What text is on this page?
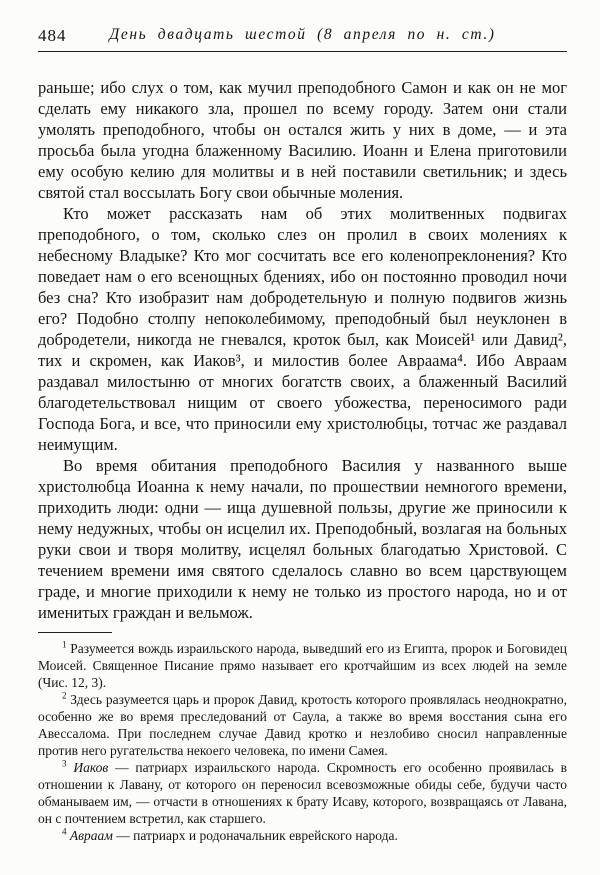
484	День двадцать шестой (8 апреля по н. ст.)

раньше; ибо слух о том, как мучил преподобного Самон и как он не мог сделать ему никакого зла, прошел по всему городу. Затем они стали умолять преподобного, чтобы он остался жить у них в доме, — и эта просьба была угодна блаженному Василию. Иоанн и Елена приготовили ему особую келию для молитвы и в ней поставили светильник; и здесь святой стал воссылать Богу свои обычные моления.

Кто может рассказать нам об этих молитвенных подвигах преподобного, о том, сколько слез он пролил в своих молениях к небесному Владыке? Кто мог сосчитать все его коленопреклонения? Кто поведает нам о его всенощных бдениях, ибо он постоянно проводил ночи без сна? Кто изобразит нам добродетельную и полную подвигов жизнь его? Подобно столпу непоколебимому, преподобный был неуклонен в добродетели, никогда не гневался, кроток был, как Моисей¹ или Давид², тих и скромен, как Иаков³, и милостив более Авраама⁴. Ибо Авраам раздавал милостыню от многих богатств своих, а блаженный Василий благодетельствовал нищим от своего убожества, переносимого ради Господа Бога, и все, что приносили ему христолюбцы, тотчас же раздавал неимущим.

Во время обитания преподобного Василия у названного выше христолюбца Иоанна к нему начали, по прошествии немногого времени, приходить люди: одни — ища душевной пользы, другие же приносили к нему недужных, чтобы он исцелил их. Преподобный, возлагая на больных руки свои и творя молитву, исцелял больных благодатью Христовой. С течением времени имя святого сделалось славно во всем царствующем граде, и многие приходили к нему не только из простого народа, но и от именитых граждан и вельмож.

$^1$ Разумеется вождь израильского народа, выведший его из Египта, пророк и Боговидец Моисей. Священное Писание прямо называет его кротчайшим из всех людей на земле (Чис. 12, 3).

$^2$ Здесь разумеется царь и пророк Давид, кротость которого проявлялась неоднократно, особенно же во время преследований от Саула, а также во время восстания сына его Авессалома. При последнем случае Давид кротко и незлобиво сносил направленные против него ругательства некоего человека, по имени Самея.

$^3$ Иаков — патриарх израильского народа. Скромность его особенно проявилась в отношении к Лавану, от которого он переносил всевозможные обиды себе, будучи часто обманываем им, — отчасти в отношениях к брату Исаву, которого, возвращаясь от Лавана, он с почтением встретил, как старшего.

$^4$ Авраам — патриарх и родоначальник еврейского народа.
